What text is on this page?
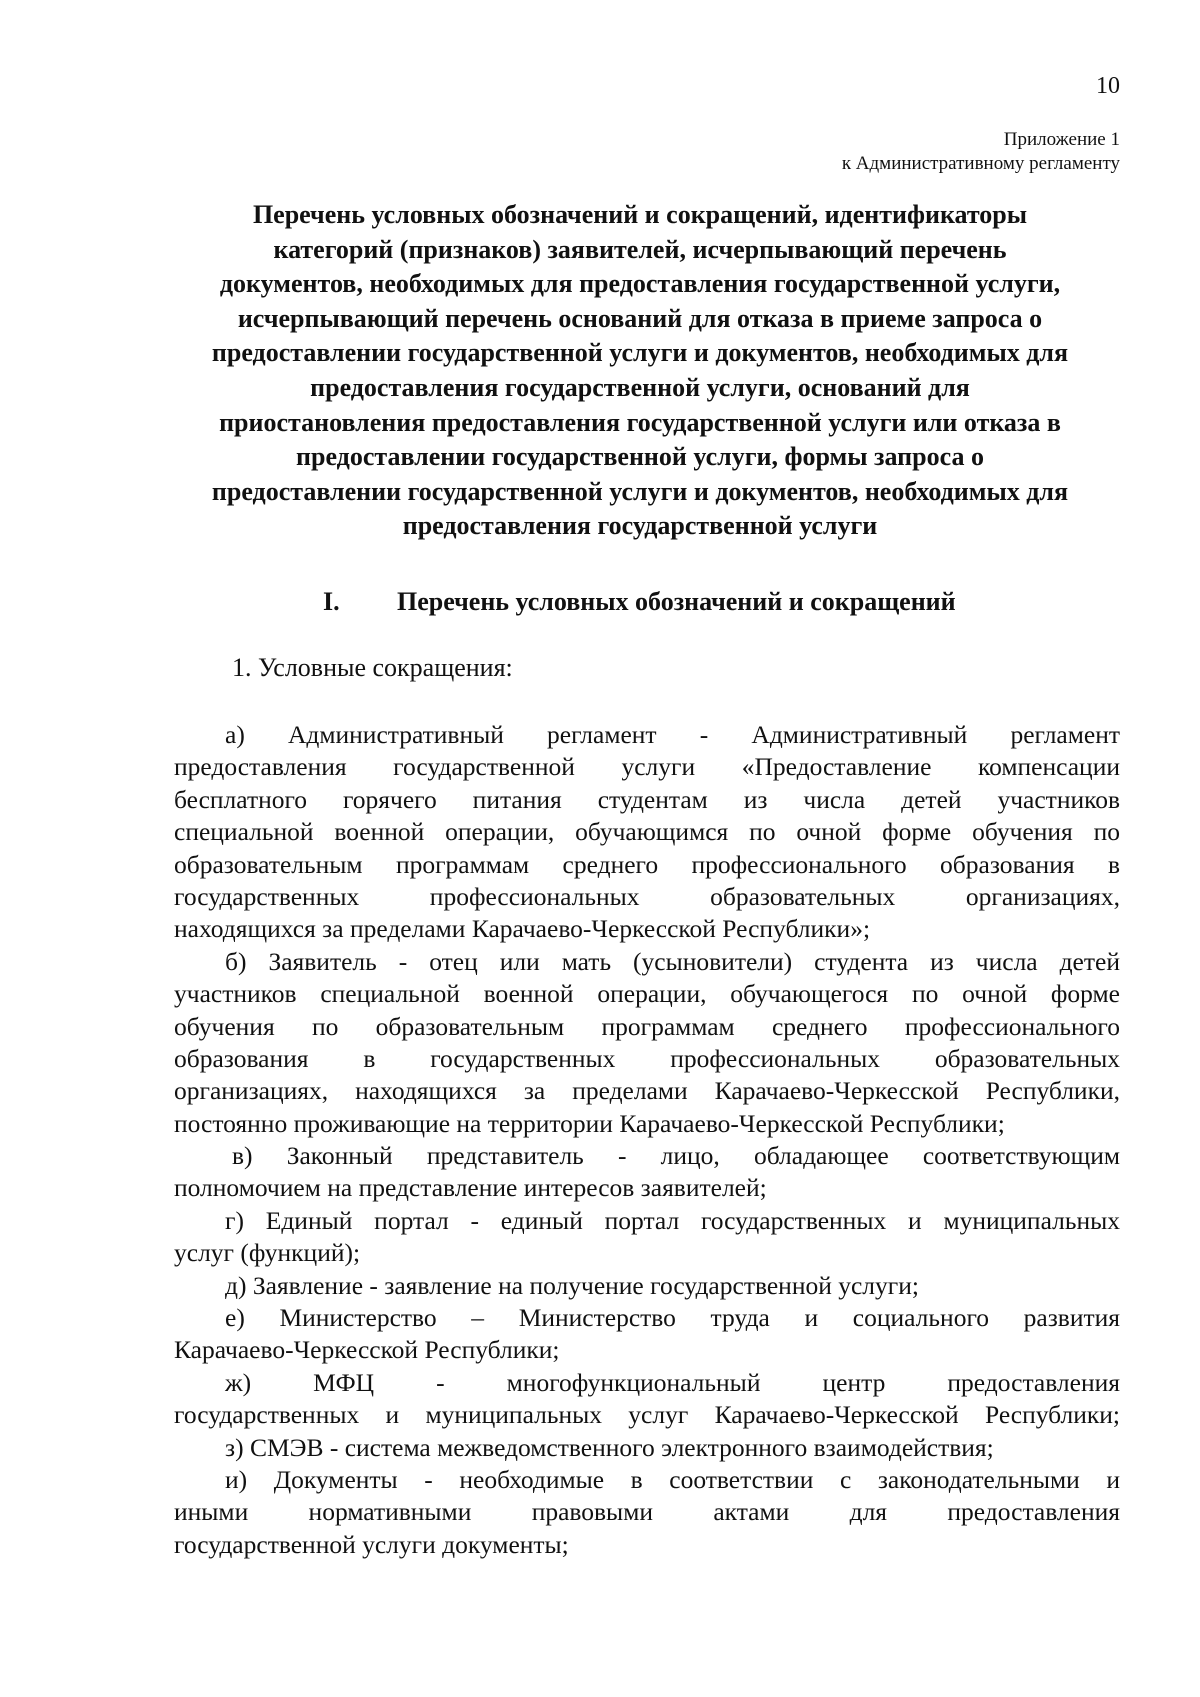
10
Приложение 1
к Административному регламенту
Перечень условных обозначений и сокращений, идентификаторы
категорий (признаков) заявителей, исчерпывающий перечень
документов, необходимых для предоставления государственной услуги,
исчерпывающий перечень оснований для отказа в приеме запроса о
предоставлении государственной услуги и документов, необходимых для
предоставления государственной услуги, оснований для
приостановления предоставления государственной услуги или отказа в
предоставлении государственной услуги, формы запроса о
предоставлении государственной услуги и документов, необходимых для
предоставления государственной услуги
I. Перечень условных обозначений и сокращений
1. Условные сокращения:
а) Административный регламент - Административный регламент
предоставления государственной услуги «Предоставление компенсации
бесплатного горячего питания студентам из числа детей участников
специальной военной операции, обучающимся по очной форме обучения по
образовательным программам среднего профессионального образования в
государственных профессиональных образовательных организациях,
находящихся за пределами Карачаево-Черкесской Республики»;
б) Заявитель - отец или мать (усыновители) студента из числа детей
участников специальной военной операции, обучающегося по очной форме
обучения по образовательным программам среднего профессионального
образования в государственных профессиональных образовательных
организациях, находящихся за пределами Карачаево-Черкесской Республики,
постоянно проживающие на территории Карачаево-Черкесской Республики;
в) Законный представитель - лицо, обладающее соответствующим
полномочием на представление интересов заявителей;
г) Единый портал - единый портал государственных и муниципальных
услуг (функций);
д) Заявление - заявление на получение государственной услуги;
е) Министерство – Министерство труда и социального развития
Карачаево-Черкесской Республики;
ж) МФЦ - многофункциональный центр предоставления
государственных и муниципальных услуг Карачаево-Черкесской Республики;
з) СМЭВ - система межведомственного электронного взаимодействия;
и) Документы - необходимые в соответствии с законодательными и
иными нормативными правовыми актами для предоставления
государственной услуги документы;
